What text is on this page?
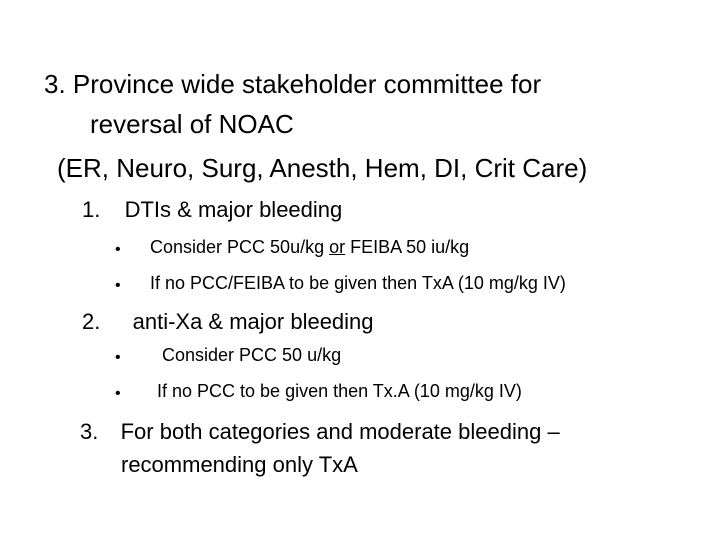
3. Province wide stakeholder committee for
reversal of NOAC
(ER, Neuro, Surg, Anesth, Hem, DI, Crit Care)
1. DTIs & major bleeding
• Consider PCC 50u/kg or FEIBA 50 iu/kg
• If no PCC/FEIBA to be given then TxA (10 mg/kg IV)
2. anti-Xa & major bleeding
• Consider PCC 50 u/kg
• If no PCC to be given then Tx.A (10 mg/kg IV)
3. For both categories and moderate bleeding –
recommending only TxA
